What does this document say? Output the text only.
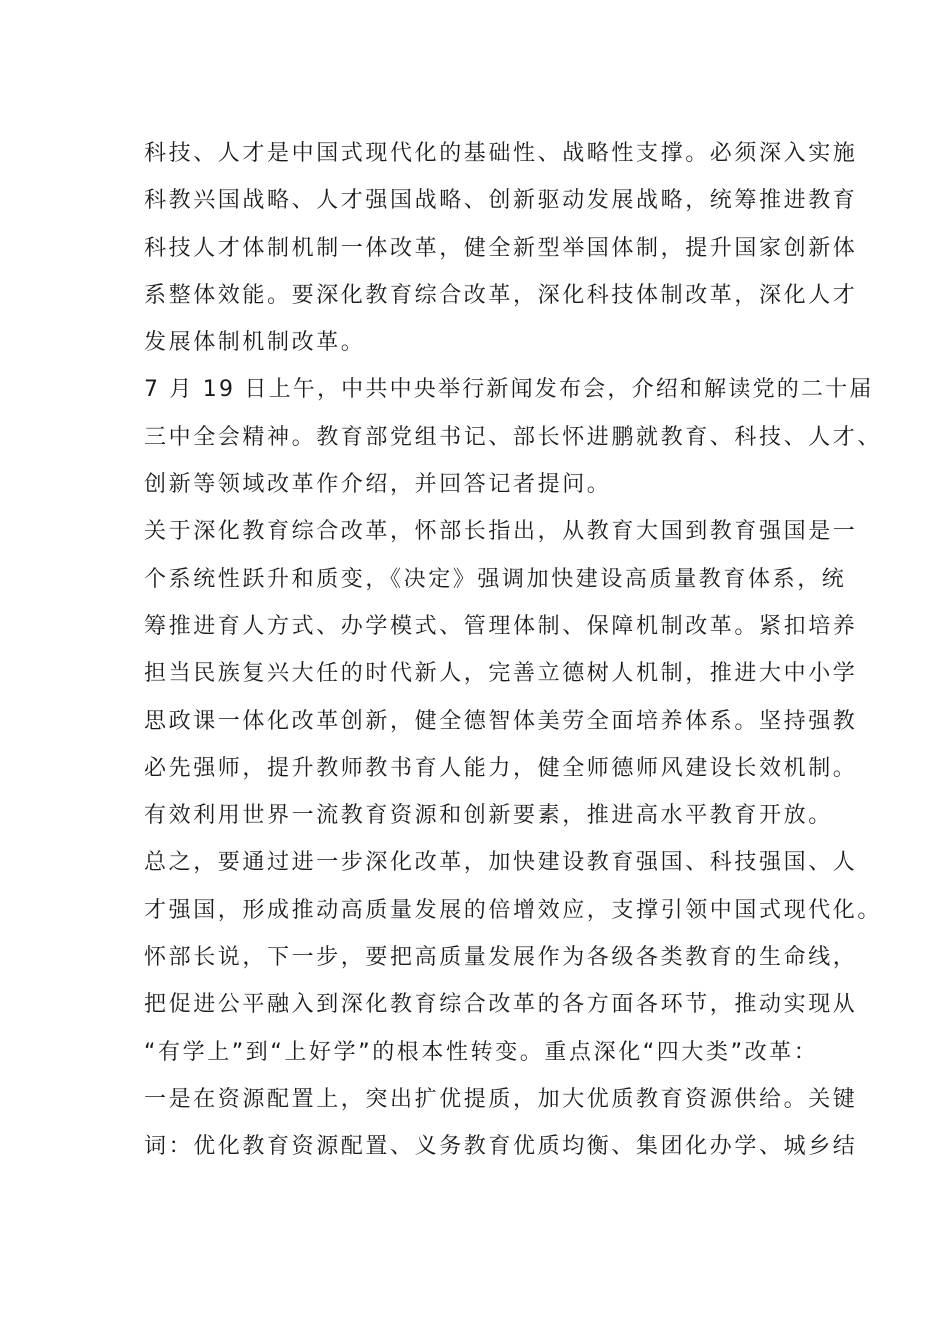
科技、人才是中国式现代化的基础性、战略性支撑。必须深入实施
科教兴国战略、人才强国战略、创新驱动发展战略，统筹推进教育
科技人才体制机制一体改革，健全新型举国体制，提升国家创新体
系整体效能。要深化教育综合改革，深化科技体制改革，深化人才
发展体制机制改革。
7 月 19 日上午，中共中央举行新闻发布会，介绍和解读党的二十届
三中全会精神。教育部党组书记、部长怀进鹏就教育、科技、人才、
创新等领域改革作介绍，并回答记者提问。
关于深化教育综合改革，怀部长指出，从教育大国到教育强国是一
个系统性跃升和质变，《决定》强调加快建设高质量教育体系，统
筹推进育人方式、办学模式、管理体制、保障机制改革。紧扣培养
担当民族复兴大任的时代新人，完善立德树人机制，推进大中小学
思政课一体化改革创新，健全德智体美劳全面培养体系。坚持强教
必先强师，提升教师教书育人能力，健全师德师风建设长效机制。
有效利用世界一流教育资源和创新要素，推进高水平教育开放。
总之，要通过进一步深化改革，加快建设教育强国、科技强国、人
才强国，形成推动高质量发展的倍增效应，支撑引领中国式现代化。
怀部长说，下一步，要把高质量发展作为各级各类教育的生命线，
把促进公平融入到深化教育综合改革的各方面各环节，推动实现从
“有学上”到“上好学”的根本性转变。重点深化“四大类”改革：
一是在资源配置上，突出扩优提质，加大优质教育资源供给。关键
词：优化教育资源配置、义务教育优质均衡、集团化办学、城乡结
